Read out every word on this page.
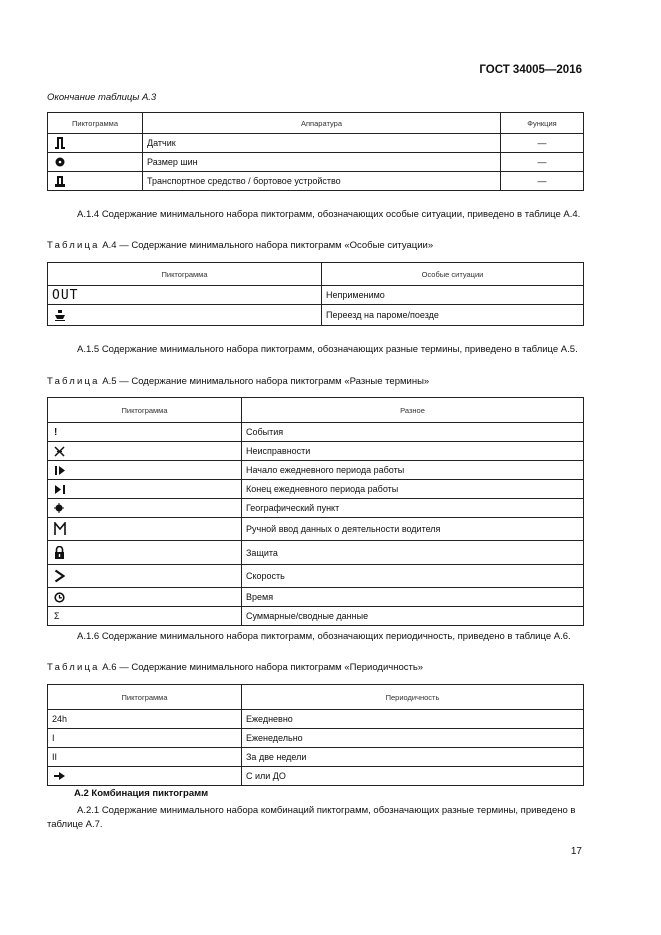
ГОСТ 34005—2016
Окончание таблицы А.3
Пиктограмма	Аппаратура	Функция

	Датчик	—

	Размер шин	—

	Транспортное средство / бортовое устройство	—
A.1.4 Содержание минимального набора пиктограмм, обозначающих особые ситуации, приведено в таблице А.4.
Таблица А.4 — Содержание минимального набора пиктограмм «Особые ситуации»
Пиктограмма	Особые ситуации
OUT	Неприменимо

	Переезд на пароме/поезде
А.1.5 Содержание минимального набора пиктограмм, обозначающих разные термины, приведено в таблице А.5.
Таблица А.5 — Содержание минимального набора пиктограмм «Разные термины»
Пиктограмма	Разное
!	События

	Неисправности

	Начало ежедневного периода работы

	Конец ежедневного периода работы

	Географический пункт

	Ручной ввод данных о деятельности водителя

	Защита

	Скорость

	Время
Σ	Суммарные/сводные данные
А.1.6 Содержание минимального набора пиктограмм, обозначающих периодичность, приведено в таблице А.6.
Таблица А.6 — Содержание минимального набора пиктограмм «Периодичность»
Пиктограмма	Периодичность
24h	Ежедневно
I	Еженедельно
II	За две недели

	С или ДО
А.2 Комбинация пиктограмм
А.2.1 Содержание минимального набора комбинаций пиктограмм, обозначающих разные термины, приведено в таблице А.7.
17
